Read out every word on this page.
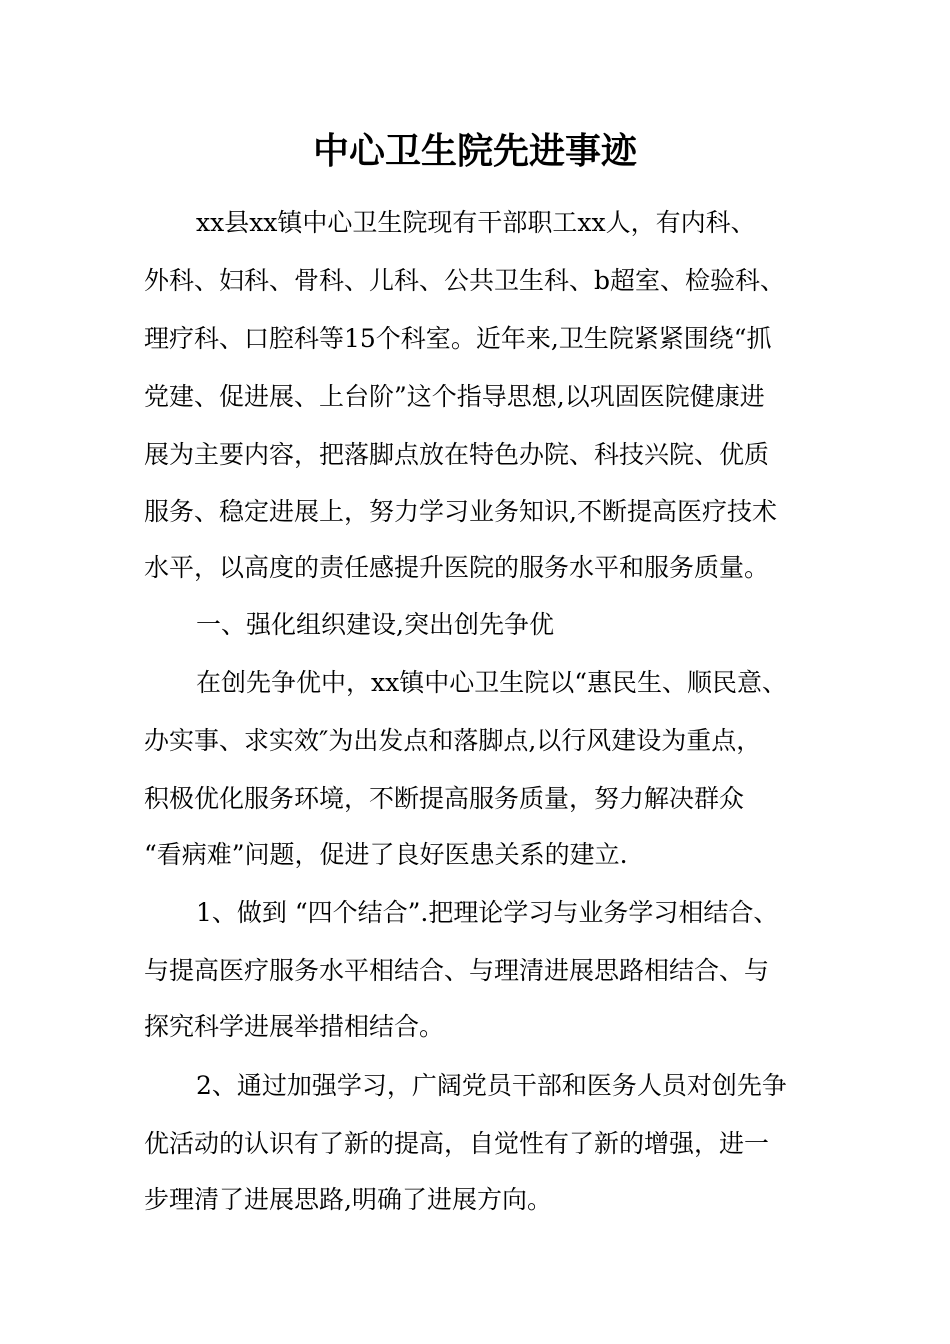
中心卫生院先进事迹
xx县xx镇中心卫生院现有干部职工xx人，有内科、
外科、妇科、骨科、儿科、公共卫生科、b超室、检验科、
理疗科、口腔科等15个科室。近年来,卫生院紧紧围绕“抓
党建、促进展、上台阶”这个指导思想,以巩固医院健康进
展为主要内容，把落脚点放在特色办院、科技兴院、优质
服务、稳定进展上，努力学习业务知识,不断提高医疗技术
水平，以高度的责任感提升医院的服务水平和服务质量。
一、强化组织建设,突出创先争优
在创先争优中，xx镇中心卫生院以“惠民生、顺民意、
办实事、求实效″为出发点和落脚点,以行风建设为重点，
积极优化服务环境，不断提高服务质量，努力解决群众
“看病难”问题，促进了良好医患关系的建立.
1、做到 “四个结合”.把理论学习与业务学习相结合、
与提高医疗服务水平相结合、与理清进展思路相结合、与
探究科学进展举措相结合。
2、通过加强学习，广阔党员干部和医务人员对创先争
优活动的认识有了新的提高，自觉性有了新的增强，进一
步理清了进展思路,明确了进展方向。
